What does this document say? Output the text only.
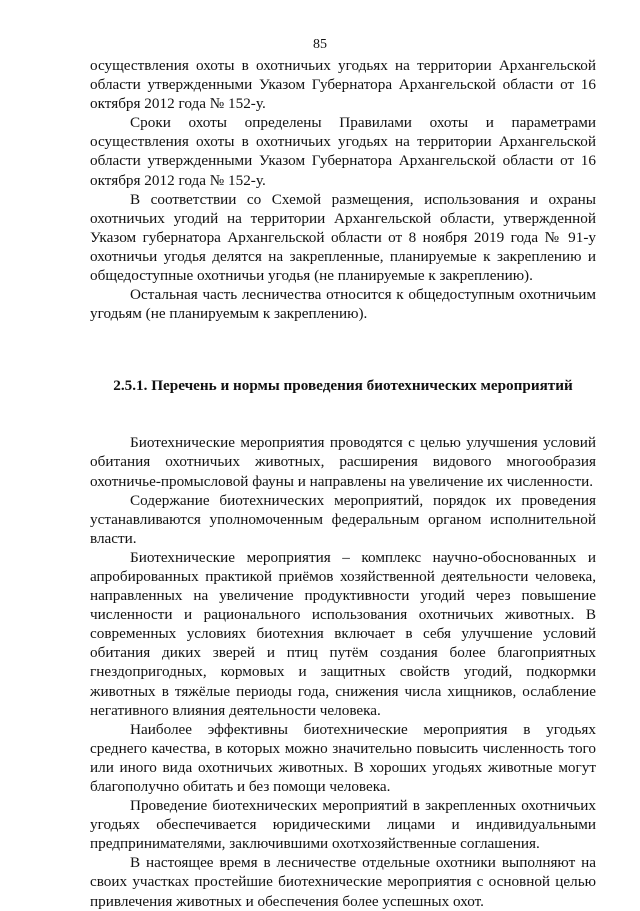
85

осуществления охоты в охотничьих угодьях на территории Архангельской области утвержденными Указом Губернатора Архангельской области от 16 октября 2012 года № 152-у.

Сроки охоты определены Правилами охоты и параметрами осуществления охоты в охотничьих угодьях на территории Архангельской области утвержденными Указом Губернатора Архангельской области от 16 октября 2012 года № 152-у.

В соответствии со Схемой размещения, использования и охраны охотничьих угодий на территории Архангельской области, утвержденной Указом губернатора Архангельской области от 8 ноября 2019 года № 91-у охотничьи угодья делятся на закрепленные, планируемые к закреплению и общедоступные охотничьи угодья (не планируемые к закреплению).

Остальная часть лесничества относится к общедоступным охотничьим угодьям (не планируемым к закреплению).

2.5.1. Перечень и нормы проведения биотехнических мероприятий

Биотехнические мероприятия проводятся с целью улучшения условий обитания охотничьих животных, расширения видового многообразия охотничье-промысловой фауны и направлены на увеличение их численности.

Содержание биотехнических мероприятий, порядок их проведения устанавливаются уполномоченным федеральным органом исполнительной власти.

Биотехнические мероприятия – комплекс научно-обоснованных и апробированных практикой приёмов хозяйственной деятельности человека, направленных на увеличение продуктивности угодий через повышение численности и рационального использования охотничьих животных. В современных условиях биотехния включает в себя улучшение условий обитания диких зверей и птиц путём создания более благоприятных гнездопригодных, кормовых и защитных свойств угодий, подкормки животных в тяжёлые периоды года, снижения числа хищников, ослабление негативного влияния деятельности человека.

Наиболее эффективны биотехнические мероприятия в угодьях среднего качества, в которых можно значительно повысить численность того или иного вида охотничьих животных. В хороших угодьях животные могут благополучно обитать и без помощи человека.

Проведение биотехнических мероприятий в закрепленных охотничьих угодьях обеспечивается юридическими лицами и индивидуальными предпринимателями, заключившими охотхозяйственные соглашения.

В настоящее время в лесничестве отдельные охотники выполняют на своих участках простейшие биотехнические мероприятия с основной целью привлечения животных и обеспечения более успешных охот.
